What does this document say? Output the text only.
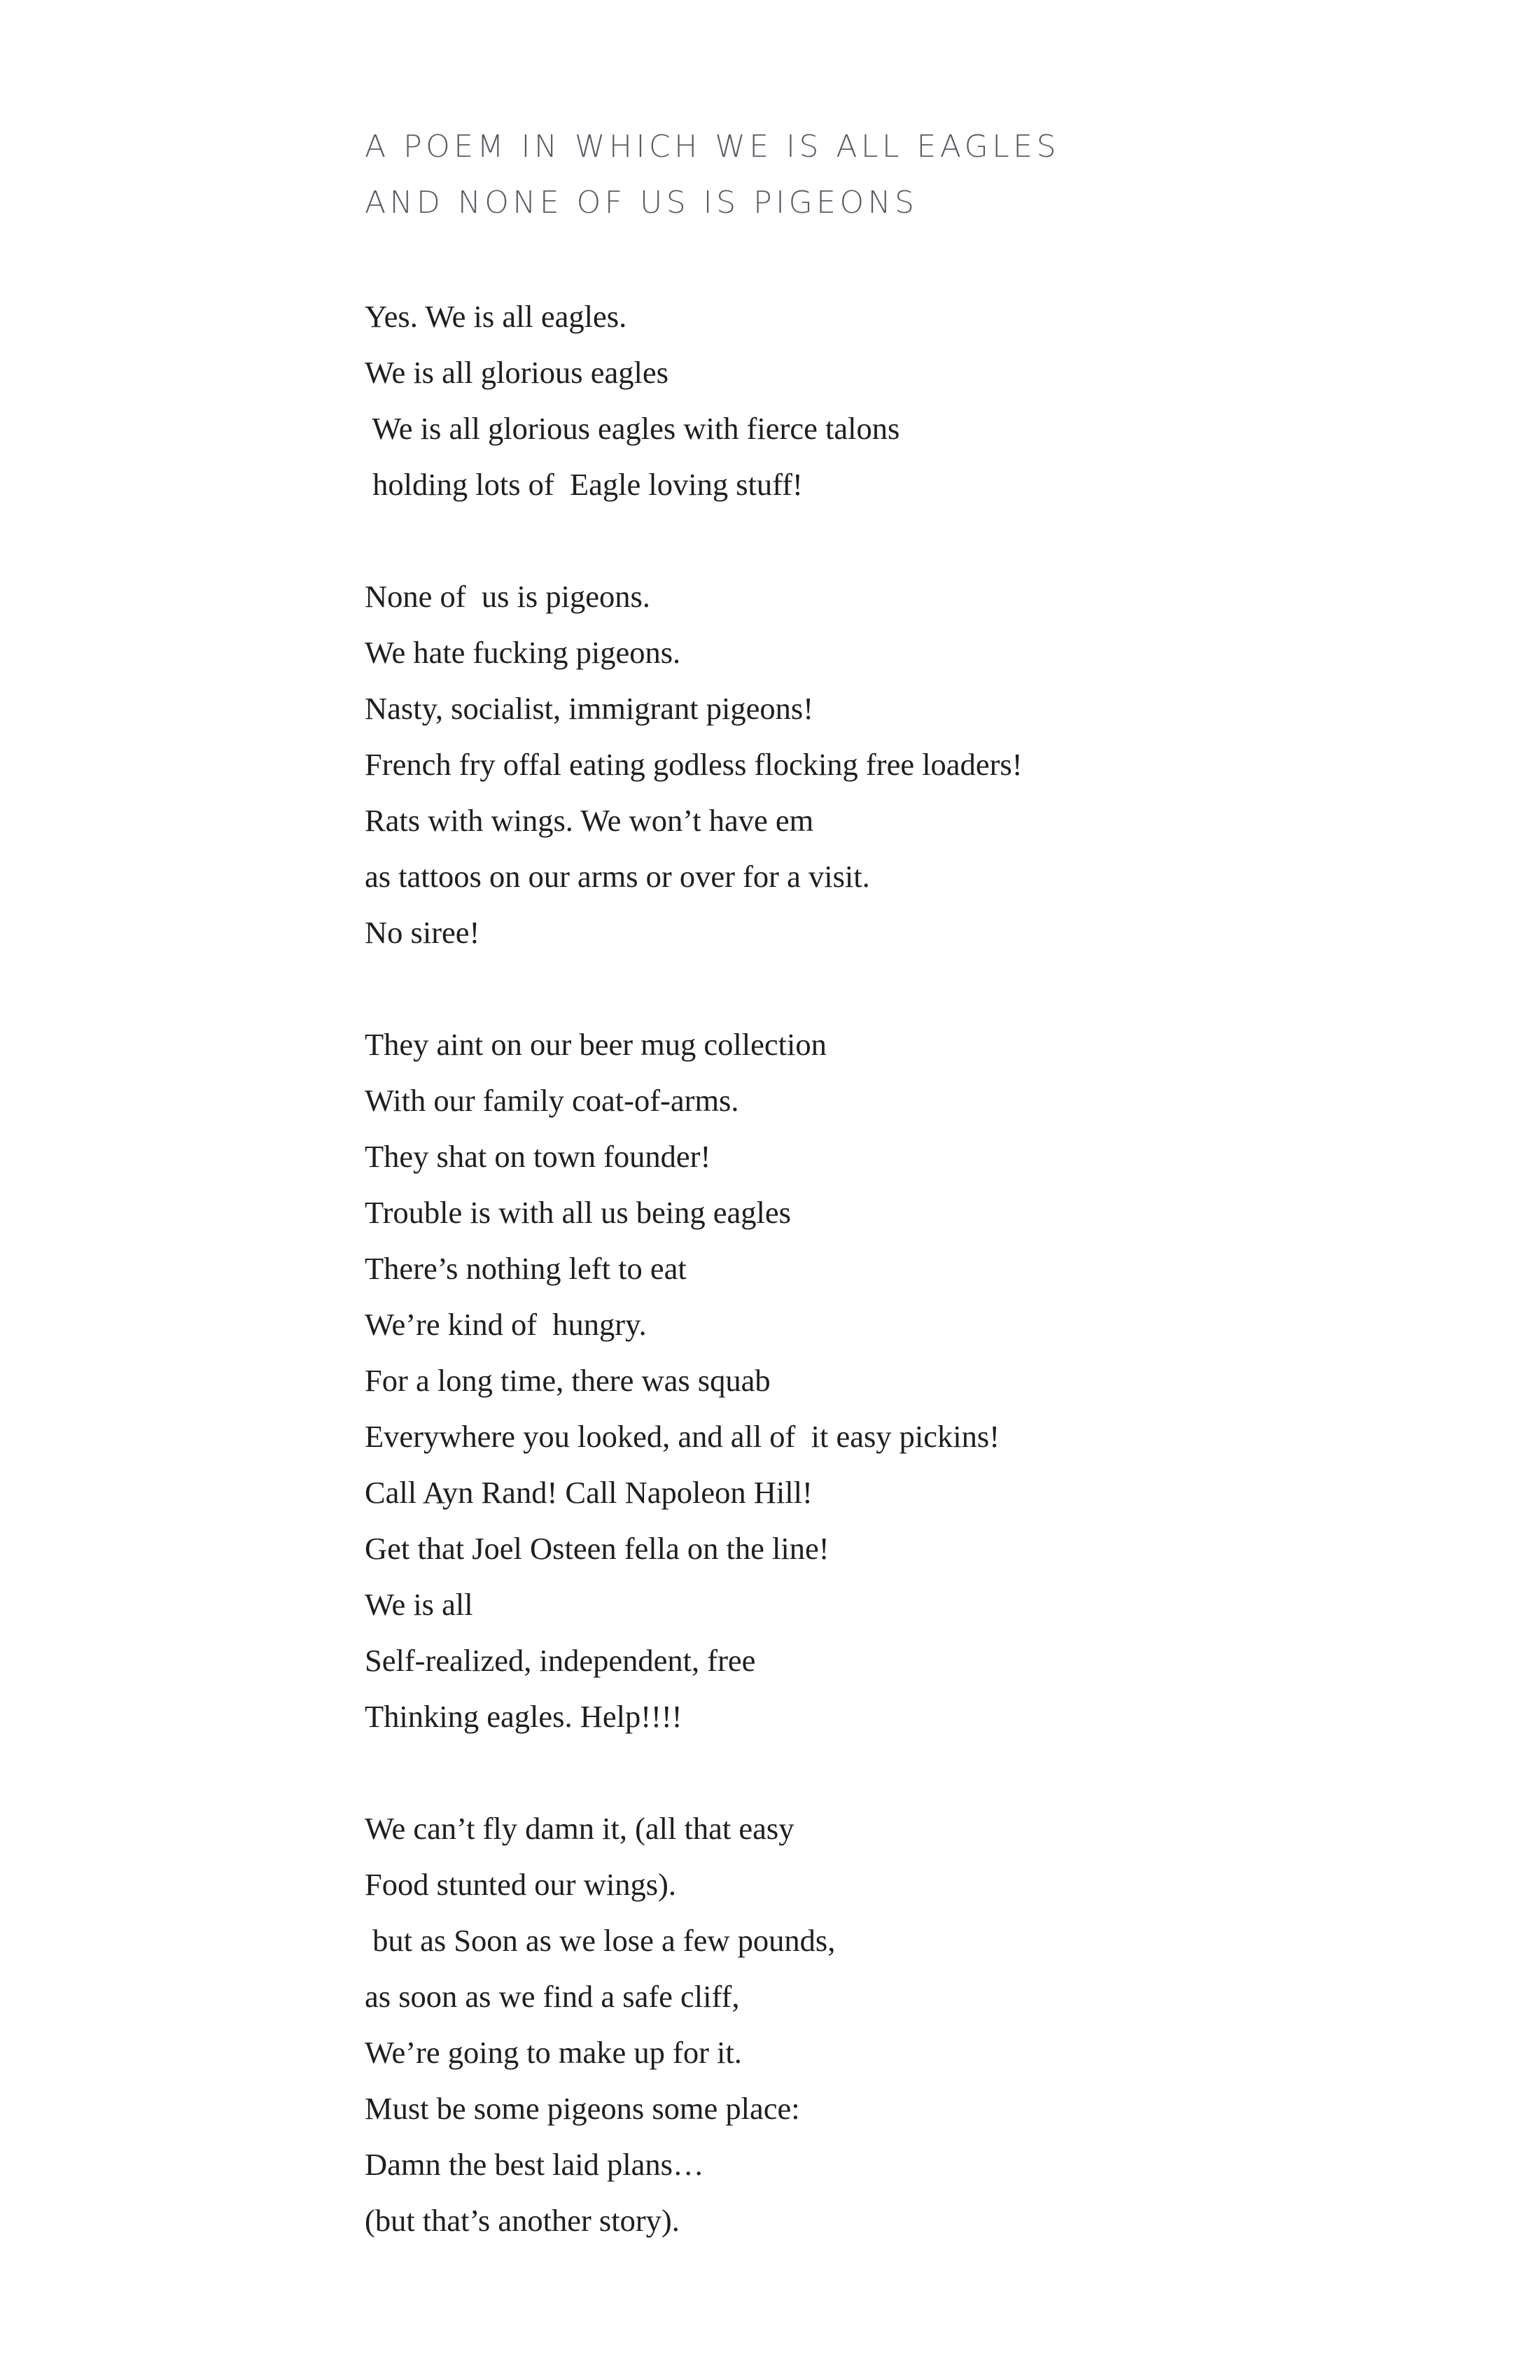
A POEM IN WHICH WE IS ALL EAGLES
AND NONE OF US IS PIGEONS
Yes. We is all eagles.
We is all glorious eagles
We is all glorious eagles with fierce talons
holding lots of  Eagle loving stuff!
None of  us is pigeons.
We hate fucking pigeons.
Nasty, socialist, immigrant pigeons!
French fry offal eating godless flocking free loaders!
Rats with wings. We won’t have em
as tattoos on our arms or over for a visit.
No siree!
They aint on our beer mug collection
With our family coat-of-arms.
They shat on town founder!
Trouble is with all us being eagles
There’s nothing left to eat
We’re kind of  hungry.
For a long time, there was squab
Everywhere you looked, and all of  it easy pickins!
Call Ayn Rand! Call Napoleon Hill!
Get that Joel Osteen fella on the line!
We is all
Self-realized, independent, free
Thinking eagles. Help!!!!
We can’t fly damn it, (all that easy
Food stunted our wings).
but as Soon as we lose a few pounds,
as soon as we find a safe cliff,
We’re going to make up for it.
Must be some pigeons some place:
Damn the best laid plans…
(but that’s another story).
